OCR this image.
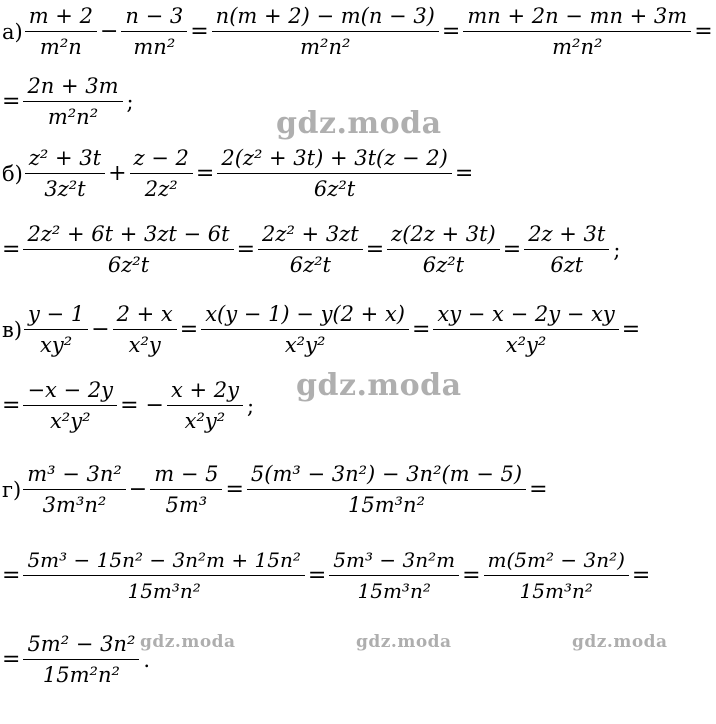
$а) \frac{m + 2}{\text{m²n}} - \frac{n - 3}{\text{mn²}} = \frac{n(m + 2) - m(n - 3)}{\text{m²n²}} = \frac{mn + 2n - mn + 3m}{\text{m²n²}}$ =
= $\frac{2n + 3m}{\text{m²n²}}$ ;
$б) \frac{\text{z² + 3t}}{\text{3z²t}} + \frac{z - 2}{\text{2z²}} = \frac{\text{2(z² + 3t) + 3t(z − 2)}}{\text{6z²t}}$ =
= $\frac{\text{2z² + 6t + 3zt − 6t}}{\text{6z²t}} = \frac{\text{2z² + 3zt}}{\text{6z²t}} = \frac{z(2z + 3t)}{\text{6z²t}} = \frac{2z + 3t}{6zt}$ ;
$в) \frac{y - 1}{\text{xy²}} - \frac{2 + x}{\text{x²y}} = \frac{x(y - 1) - y(2 + x)}{\text{x²y²}} = \frac{xy - x - 2y - xy}{\text{x²y²}}$ =
= $\frac{-x - 2y}{\text{x²y²}}$ = − $\frac{x + 2y}{\text{x²y²}}$ ;
$г) \frac{\text{m³ − 3n²}}{\text{3m³n²}} - \frac{m - 5}{\text{5m³}} = \frac{\text{5(m³ − 3n²) − 3n²(m − 5)}}{\text{15m³n²}}$ =
= $\frac{\text{5m³ − 15n² − 3n²m + 15n²}}{\text{15m³n²}} = \frac{\text{5m³ − 3n²m}}{\text{15m³n²}} = \frac{\text{m(5m² − 3n²)}}{\text{15m³n²}}$ =
= $\frac{\text{5m² − 3n²}}{\text{15m²n²}}$ .
gdz.moda
gdz.moda
gdz.moda	gdz.moda	gdz.moda
